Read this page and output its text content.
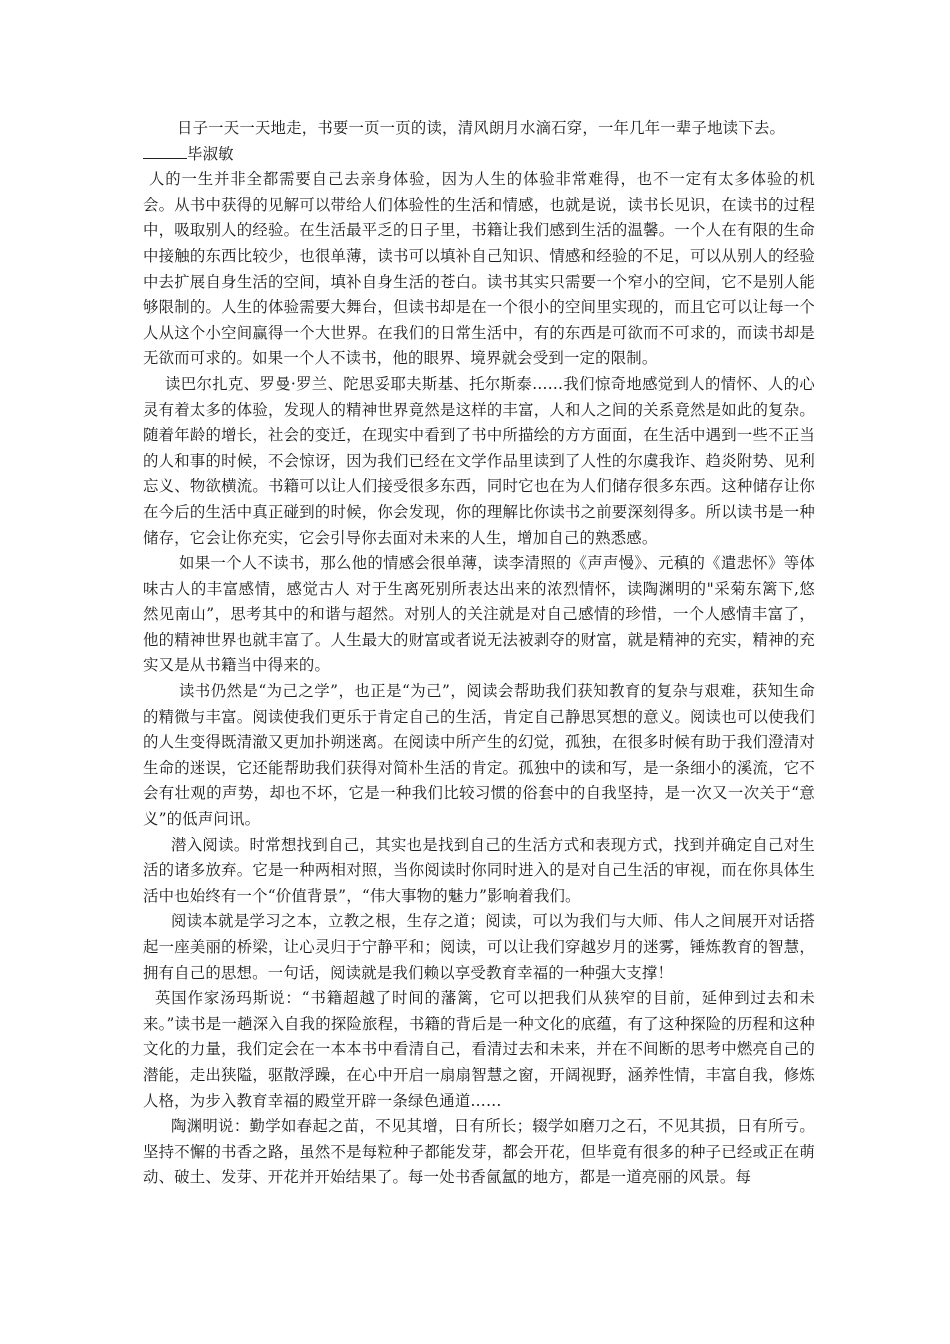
日子一天一天地走，书要一页一页的读，清风朗月水滴石穿，一年几年一辈子地读下去。

毕淑敏

人的一生并非全都需要自己去亲身体验，因为人生的体验非常难得，也不一定有太多体验的机会。从书中获得的见解可以带给人们体验性的生活和情感，也就是说，读书长见识，在读书的过程中，吸取别人的经验。在生活最平乏的日子里，书籍让我们感到生活的温馨。一个人在有限的生命中接触的东西比较少，也很单薄，读书可以填补自己知识、情感和经验的不足，可以从别人的经验中去扩展自身生活的空间，填补自身生活的苍白。读书其实只需要一个窄小的空间，它不是别人能够限制的。人生的体验需要大舞台，但读书却是在一个很小的空间里实现的，而且它可以让每一个人从这个小空间赢得一个大世界。在我们的日常生活中，有的东西是可欲而不可求的，而读书却是无欲而可求的。如果一个人不读书，他的眼界、境界就会受到一定的限制。

读巴尔扎克、罗曼·罗兰、陀思妥耶夫斯基、托尔斯泰……我们惊奇地感觉到人的情怀、人的心灵有着太多的体验，发现人的精神世界竟然是这样的丰富，人和人之间的关系竟然是如此的复杂。随着年龄的增长，社会的变迁，在现实中看到了书中所描绘的方方面面，在生活中遇到一些不正当的人和事的时候，不会惊讶，因为我们已经在文学作品里读到了人性的尔虞我诈、趋炎附势、见利忘义、物欲横流。书籍可以让人们接受很多东西，同时它也在为人们储存很多东西。这种储存让你在今后的生活中真正碰到的时候，你会发现，你的理解比你读书之前要深刻得多。所以读书是一种储存，它会让你充实，它会引导你去面对未来的人生，增加自己的熟悉感。

如果一个人不读书，那么他的情感会很单薄，读李清照的《声声慢》、元稹的《遣悲怀》等体味古人的丰富感情，感觉古人 对于生离死别所表达出来的浓烈情怀，读陶渊明的"采菊东篱下,悠然见南山”，思考其中的和谐与超然。对别人的关注就是对自己感情的珍惜，一个人感情丰富了，他的精神世界也就丰富了。人生最大的财富或者说无法被剥夺的财富，就是精神的充实，精神的充实又是从书籍当中得来的。

读书仍然是“为己之学”，也正是“为己”，阅读会帮助我们获知教育的复杂与艰难，获知生命的精微与丰富。阅读使我们更乐于肯定自己的生活，肯定自己静思冥想的意义。阅读也可以使我们的人生变得既清澈又更加扑朔迷离。在阅读中所产生的幻觉，孤独，在很多时候有助于我们澄清对生命的迷误，它还能帮助我们获得对简朴生活的肯定。孤独中的读和写，是一条细小的溪流，它不会有壮观的声势，却也不坏，它是一种我们比较习惯的俗套中的自我坚持，是一次又一次关于“意义”的低声问讯。

潜入阅读。时常想找到自己，其实也是找到自己的生活方式和表现方式，找到并确定自己对生活的诸多放弃。它是一种两相对照，当你阅读时你同时进入的是对自己生活的审视，而在你具体生活中也始终有一个“价值背景”，“伟大事物的魅力”影响着我们。

阅读本就是学习之本，立教之根，生存之道；阅读，可以为我们与大师、伟人之间展开对话搭起一座美丽的桥梁，让心灵归于宁静平和；阅读，可以让我们穿越岁月的迷雾，锤炼教育的智慧，拥有自己的思想。一句话，阅读就是我们赖以享受教育幸福的一种强大支撑！

英国作家汤玛斯说：“书籍超越了时间的藩篱，它可以把我们从狭窄的目前，延伸到过去和未来。”读书是一趟深入自我的探险旅程，书籍的背后是一种文化的底蕴，有了这种探险的历程和这种文化的力量，我们定会在一本本书中看清自己，看清过去和未来，并在不间断的思考中燃亮自己的潜能，走出狭隘，驱散浮躁，在心中开启一扇扇智慧之窗，开阔视野，涵养性情，丰富自我，修炼人格，为步入教育幸福的殿堂开辟一条绿色通道……

陶渊明说：勤学如春起之苗，不见其增，日有所长；辍学如磨刀之石，不见其损，日有所亏。坚持不懈的书香之路，虽然不是每粒种子都能发芽，都会开花，但毕竟有很多的种子已经或正在萌动、破土、发芽、开花并开始结果了。每一处书香氤氲的地方，都是一道亮丽的风景。每
